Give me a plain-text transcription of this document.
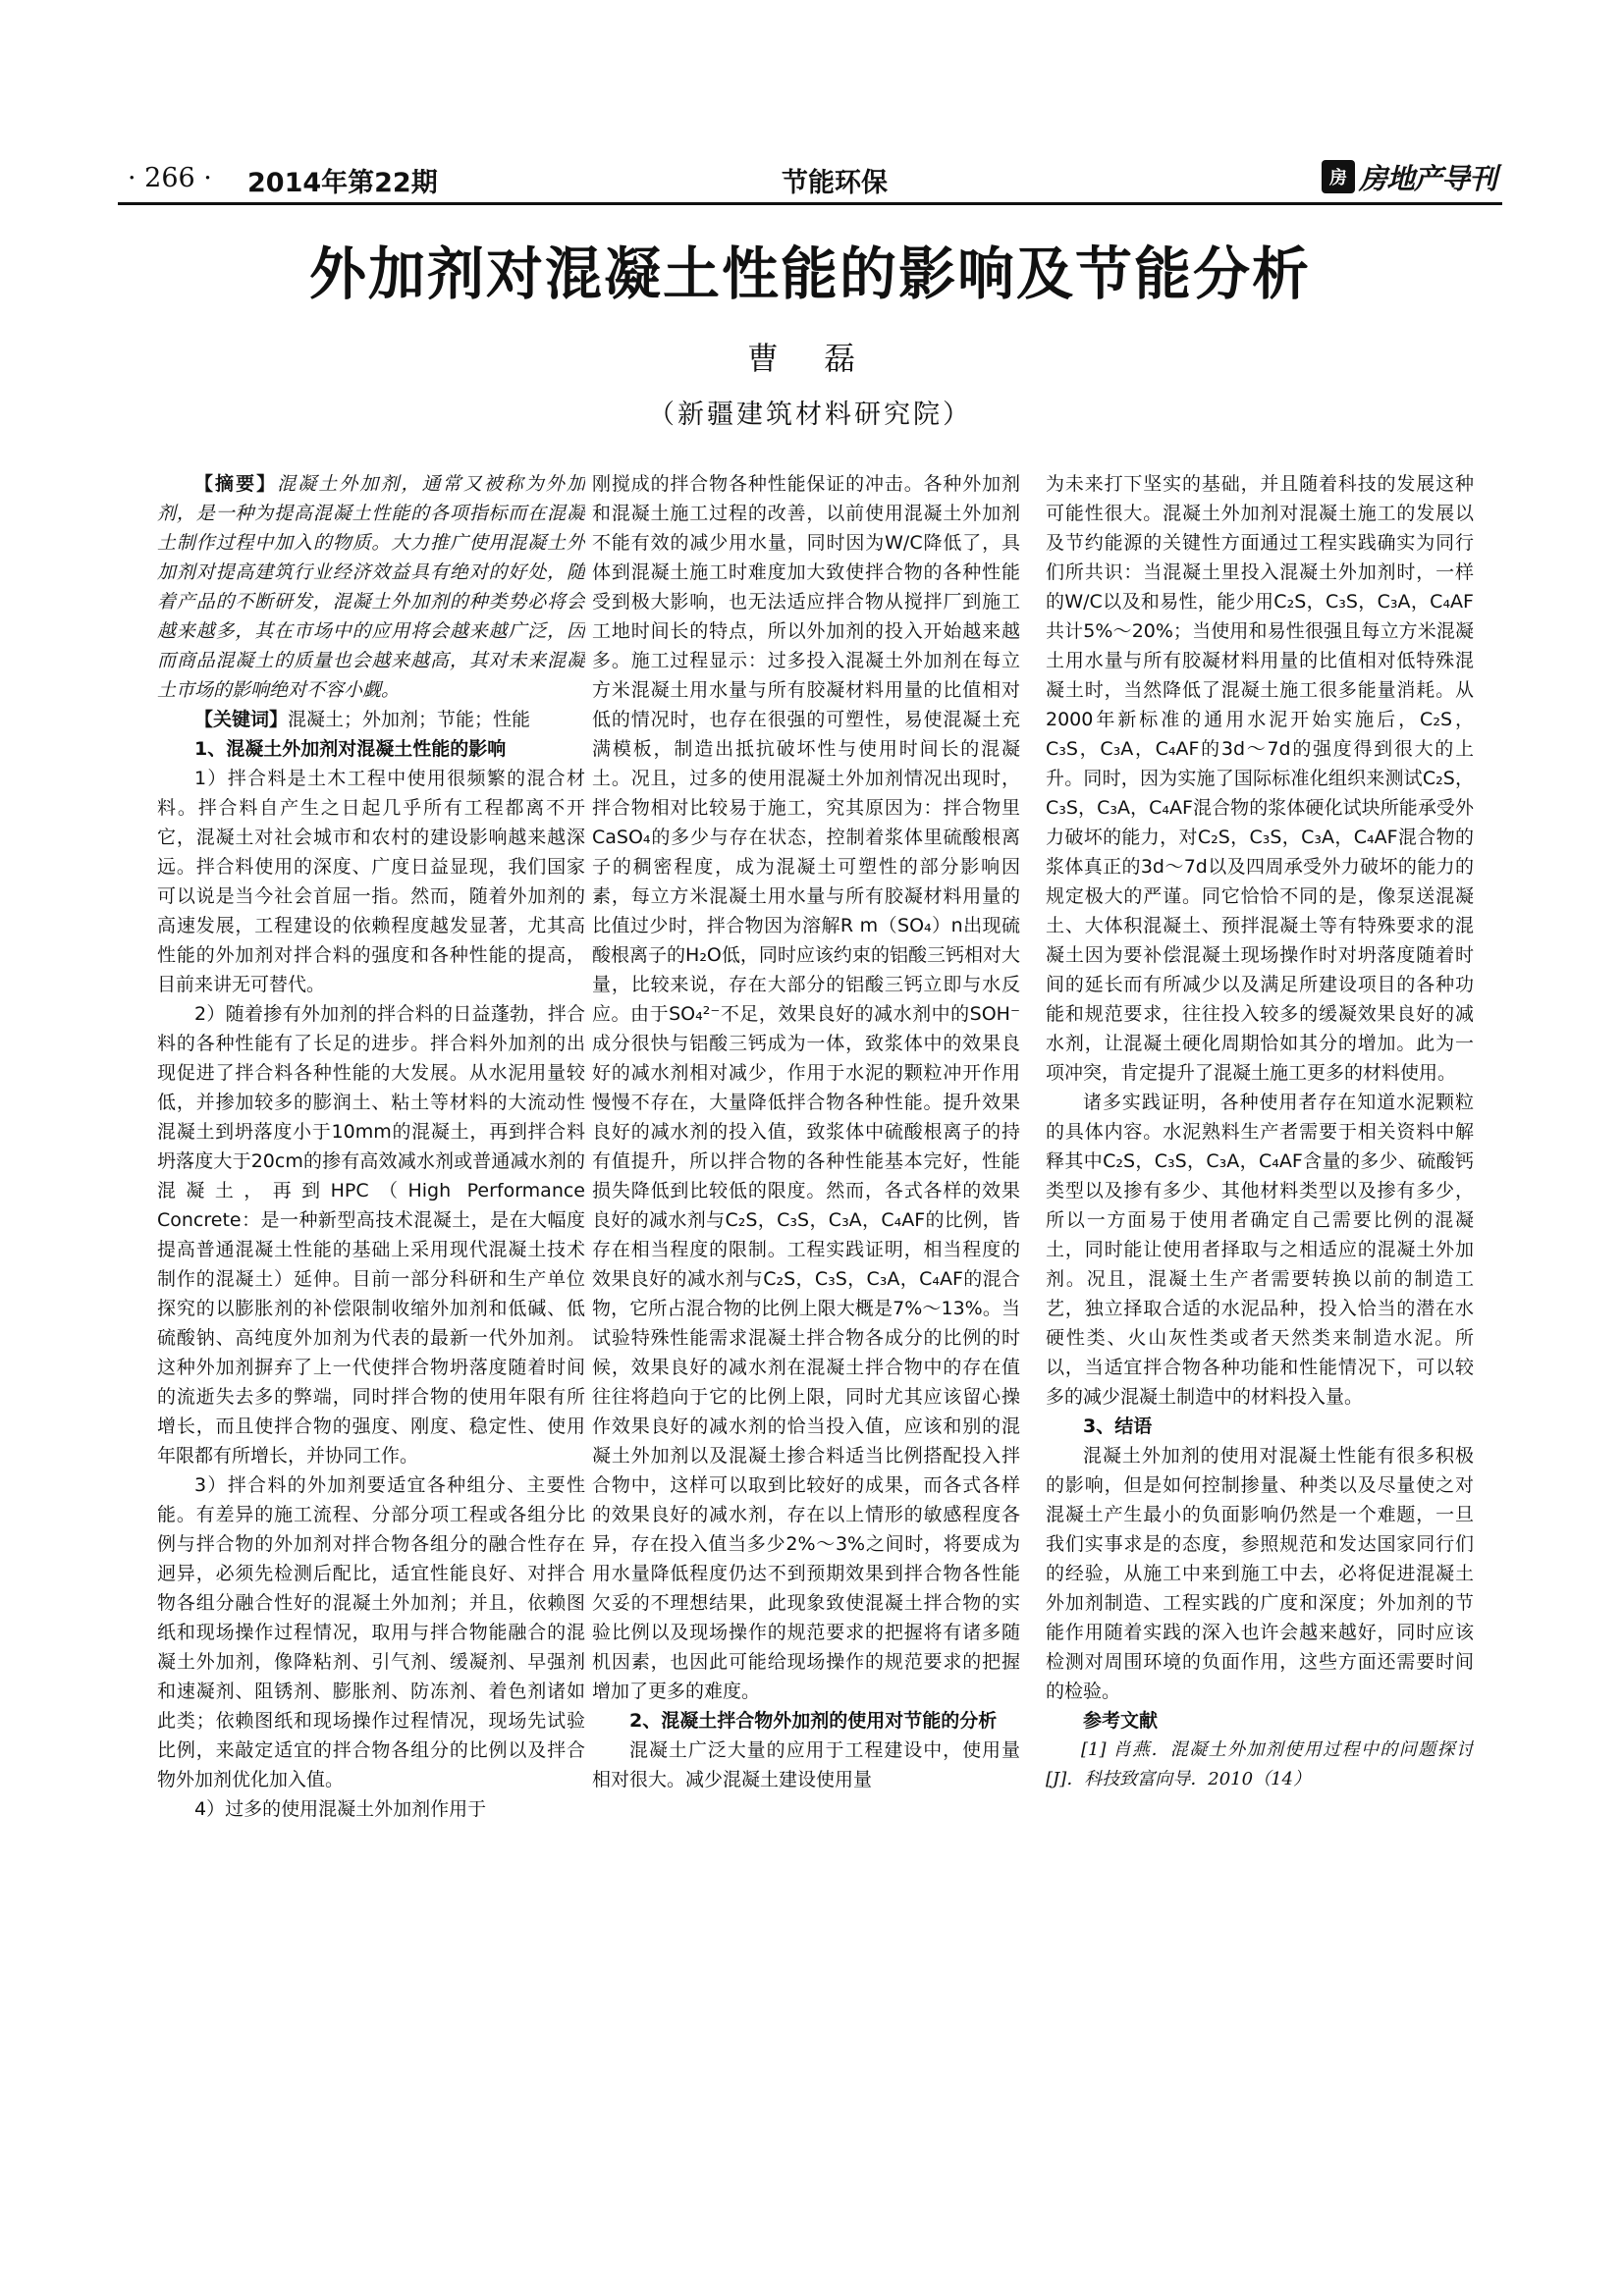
· 266 · 2014年第22期	节能环保	房 房地产导刊
外加剂对混凝土性能的影响及节能分析
曹 磊
（新疆建筑材料研究院）

【摘要】混凝土外加剂，通常又被称为外加剂，是一种为提高混凝土性能的各项指标而在混凝土制作过程中加入的物质。大力推广使用混凝土外加剂对提高建筑行业经济效益具有绝对的好处，随着产品的不断研发，混凝土外加剂的种类势必将会越来越多，其在市场中的应用将会越来越广泛，因而商品混凝土的质量也会越来越高，其对未来混凝土市场的影响绝对不容小觑。

【关键词】混凝土；外加剂；节能；性能

1、混凝土外加剂对混凝土性能的影响

1）拌合料是土木工程中使用很频繁的混合材料。拌合料自产生之日起几乎所有工程都离不开它，混凝土对社会城市和农村的建设影响越来越深远。拌合料使用的深度、广度日益显现，我们国家可以说是当今社会首屈一指。然而，随着外加剂的高速发展，工程建设的依赖程度越发显著，尤其高性能的外加剂对拌合料的强度和各种性能的提高，目前来讲无可替代。

2）随着掺有外加剂的拌合料的日益蓬勃，拌合料的各种性能有了长足的进步。拌合料外加剂的出现促进了拌合料各种性能的大发展。从水泥用量较低，并掺加较多的膨润土、粘土等材料的大流动性混凝土到坍落度小于10mm的混凝土，再到拌合料坍落度大于20cm的掺有高效减水剂或普通减水剂的混凝土，再到HPC（High Performance Concrete：是一种新型高技术混凝土，是在大幅度提高普通混凝土性能的基础上采用现代混凝土技术制作的混凝土）延伸。目前一部分科研和生产单位探究的以膨胀剂的补偿限制收缩外加剂和低碱、低硫酸钠、高纯度外加剂为代表的最新一代外加剂。这种外加剂摒弃了上一代使拌合物坍落度随着时间的流逝失去多的弊端，同时拌合物的使用年限有所增长，而且使拌合物的强度、刚度、稳定性、使用年限都有所增长，并协同工作。

3）拌合料的外加剂要适宜各种组分、主要性能。有差异的施工流程、分部分项工程或各组分比例与拌合物的外加剂对拌合物各组分的融合性存在迥异，必须先检测后配比，适宜性能良好、对拌合物各组分融合性好的混凝土外加剂；并且，依赖图纸和现场操作过程情况，取用与拌合物能融合的混凝土外加剂，像降粘剂、引气剂、缓凝剂、早强剂和速凝剂、阻锈剂、膨胀剂、防冻剂、着色剂诸如此类；依赖图纸和现场操作过程情况，现场先试验比例，来敲定适宜的拌合物各组分的比例以及拌合物外加剂优化加入值。

4）过多的使用混凝土外加剂作用于

刚搅成的拌合物各种性能保证的冲击。各种外加剂和混凝土施工过程的改善，以前使用混凝土外加剂不能有效的减少用水量，同时因为W/C降低了，具体到混凝土施工时难度加大致使拌合物的各种性能受到极大影响，也无法适应拌合物从搅拌厂到施工工地时间长的特点，所以外加剂的投入开始越来越多。施工过程显示：过多投入混凝土外加剂在每立方米混凝土用水量与所有胶凝材料用量的比值相对低的情况时，也存在很强的可塑性，易使混凝土充满模板，制造出抵抗破坏性与使用时间长的混凝土。况且，过多的使用混凝土外加剂情况出现时，拌合物相对比较易于施工，究其原因为：拌合物里CaSO₄的多少与存在状态，控制着浆体里硫酸根离子的稠密程度，成为混凝土可塑性的部分影响因素，每立方米混凝土用水量与所有胶凝材料用量的比值过少时，拌合物因为溶解R m（SO₄）n出现硫酸根离子的H₂O低，同时应该约束的铝酸三钙相对大量，比较来说，存在大部分的铝酸三钙立即与水反应。由于SO₄²⁻不足，效果良好的减水剂中的SOH⁻成分很快与铝酸三钙成为一体，致浆体中的效果良好的减水剂相对减少，作用于水泥的颗粒冲开作用慢慢不存在，大量降低拌合物各种性能。提升效果良好的减水剂的投入值，致浆体中硫酸根离子的持有值提升，所以拌合物的各种性能基本完好，性能损失降低到比较低的限度。然而，各式各样的效果良好的减水剂与C₂S，C₃S，C₃A，C₄AF的比例，皆存在相当程度的限制。工程实践证明，相当程度的效果良好的减水剂与C₂S，C₃S，C₃A，C₄AF的混合物，它所占混合物的比例上限大概是7%～13%。当试验特殊性能需求混凝土拌合物各成分的比例的时候，效果良好的减水剂在混凝土拌合物中的存在值往往将趋向于它的比例上限，同时尤其应该留心操作效果良好的减水剂的恰当投入值，应该和别的混凝土外加剂以及混凝土掺合料适当比例搭配投入拌合物中，这样可以取到比较好的成果，而各式各样的效果良好的减水剂，存在以上情形的敏感程度各异，存在投入值当多少2%～3%之间时，将要成为用水量降低程度仍达不到预期效果到拌合物各性能欠妥的不理想结果，此现象致使混凝土拌合物的实验比例以及现场操作的规范要求的把握将有诸多随机因素，也因此可能给现场操作的规范要求的把握增加了更多的难度。

2、混凝土拌合物外加剂的使用对节能的分析

混凝土广泛大量的应用于工程建设中，使用量相对很大。减少混凝土建设使用量

为未来打下坚实的基础，并且随着科技的发展这种可能性很大。混凝土外加剂对混凝土施工的发展以及节约能源的关键性方面通过工程实践确实为同行们所共识：当混凝土里投入混凝土外加剂时，一样的W/C以及和易性，能少用C₂S，C₃S，C₃A，C₄AF共计5%～20%；当使用和易性很强且每立方米混凝土用水量与所有胶凝材料用量的比值相对低特殊混凝土时，当然降低了混凝土施工很多能量消耗。从2000年新标准的通用水泥开始实施后，C₂S，C₃S，C₃A，C₄AF的3d～7d的强度得到很大的上升。同时，因为实施了国际标准化组织来测试C₂S，C₃S，C₃A，C₄AF混合物的浆体硬化试块所能承受外力破坏的能力，对C₂S，C₃S，C₃A，C₄AF混合物的浆体真正的3d～7d以及四周承受外力破坏的能力的规定极大的严谨。同它恰恰不同的是，像泵送混凝土、大体积混凝土、预拌混凝土等有特殊要求的混凝土因为要补偿混凝土现场操作时对坍落度随着时间的延长而有所减少以及满足所建设项目的各种功能和规范要求，往往投入较多的缓凝效果良好的减水剂，让混凝土硬化周期恰如其分的增加。此为一项冲突，肯定提升了混凝土施工更多的材料使用。

诸多实践证明，各种使用者存在知道水泥颗粒的具体内容。水泥熟料生产者需要于相关资料中解释其中C₂S，C₃S，C₃A，C₄AF含量的多少、硫酸钙类型以及掺有多少、其他材料类型以及掺有多少，所以一方面易于使用者确定自己需要比例的混凝土，同时能让使用者择取与之相适应的混凝土外加剂。况且，混凝土生产者需要转换以前的制造工艺，独立择取合适的水泥品种，投入恰当的潜在水硬性类、火山灰性类或者天然类来制造水泥。所以，当适宜拌合物各种功能和性能情况下，可以较多的减少混凝土制造中的材料投入量。

3、结语

混凝土外加剂的使用对混凝土性能有很多积极的影响，但是如何控制掺量、种类以及尽量使之对混凝土产生最小的负面影响仍然是一个难题，一旦我们实事求是的态度，参照规范和发达国家同行们的经验，从施工中来到施工中去，必将促进混凝土外加剂制造、工程实践的广度和深度；外加剂的节能作用随着实践的深入也许会越来越好，同时应该检测对周围环境的负面作用，这些方面还需要时间的检验。

参考文献

[1] 肖燕．混凝土外加剂使用过程中的问题探讨 [J]．科技致富向导．2010（14）
